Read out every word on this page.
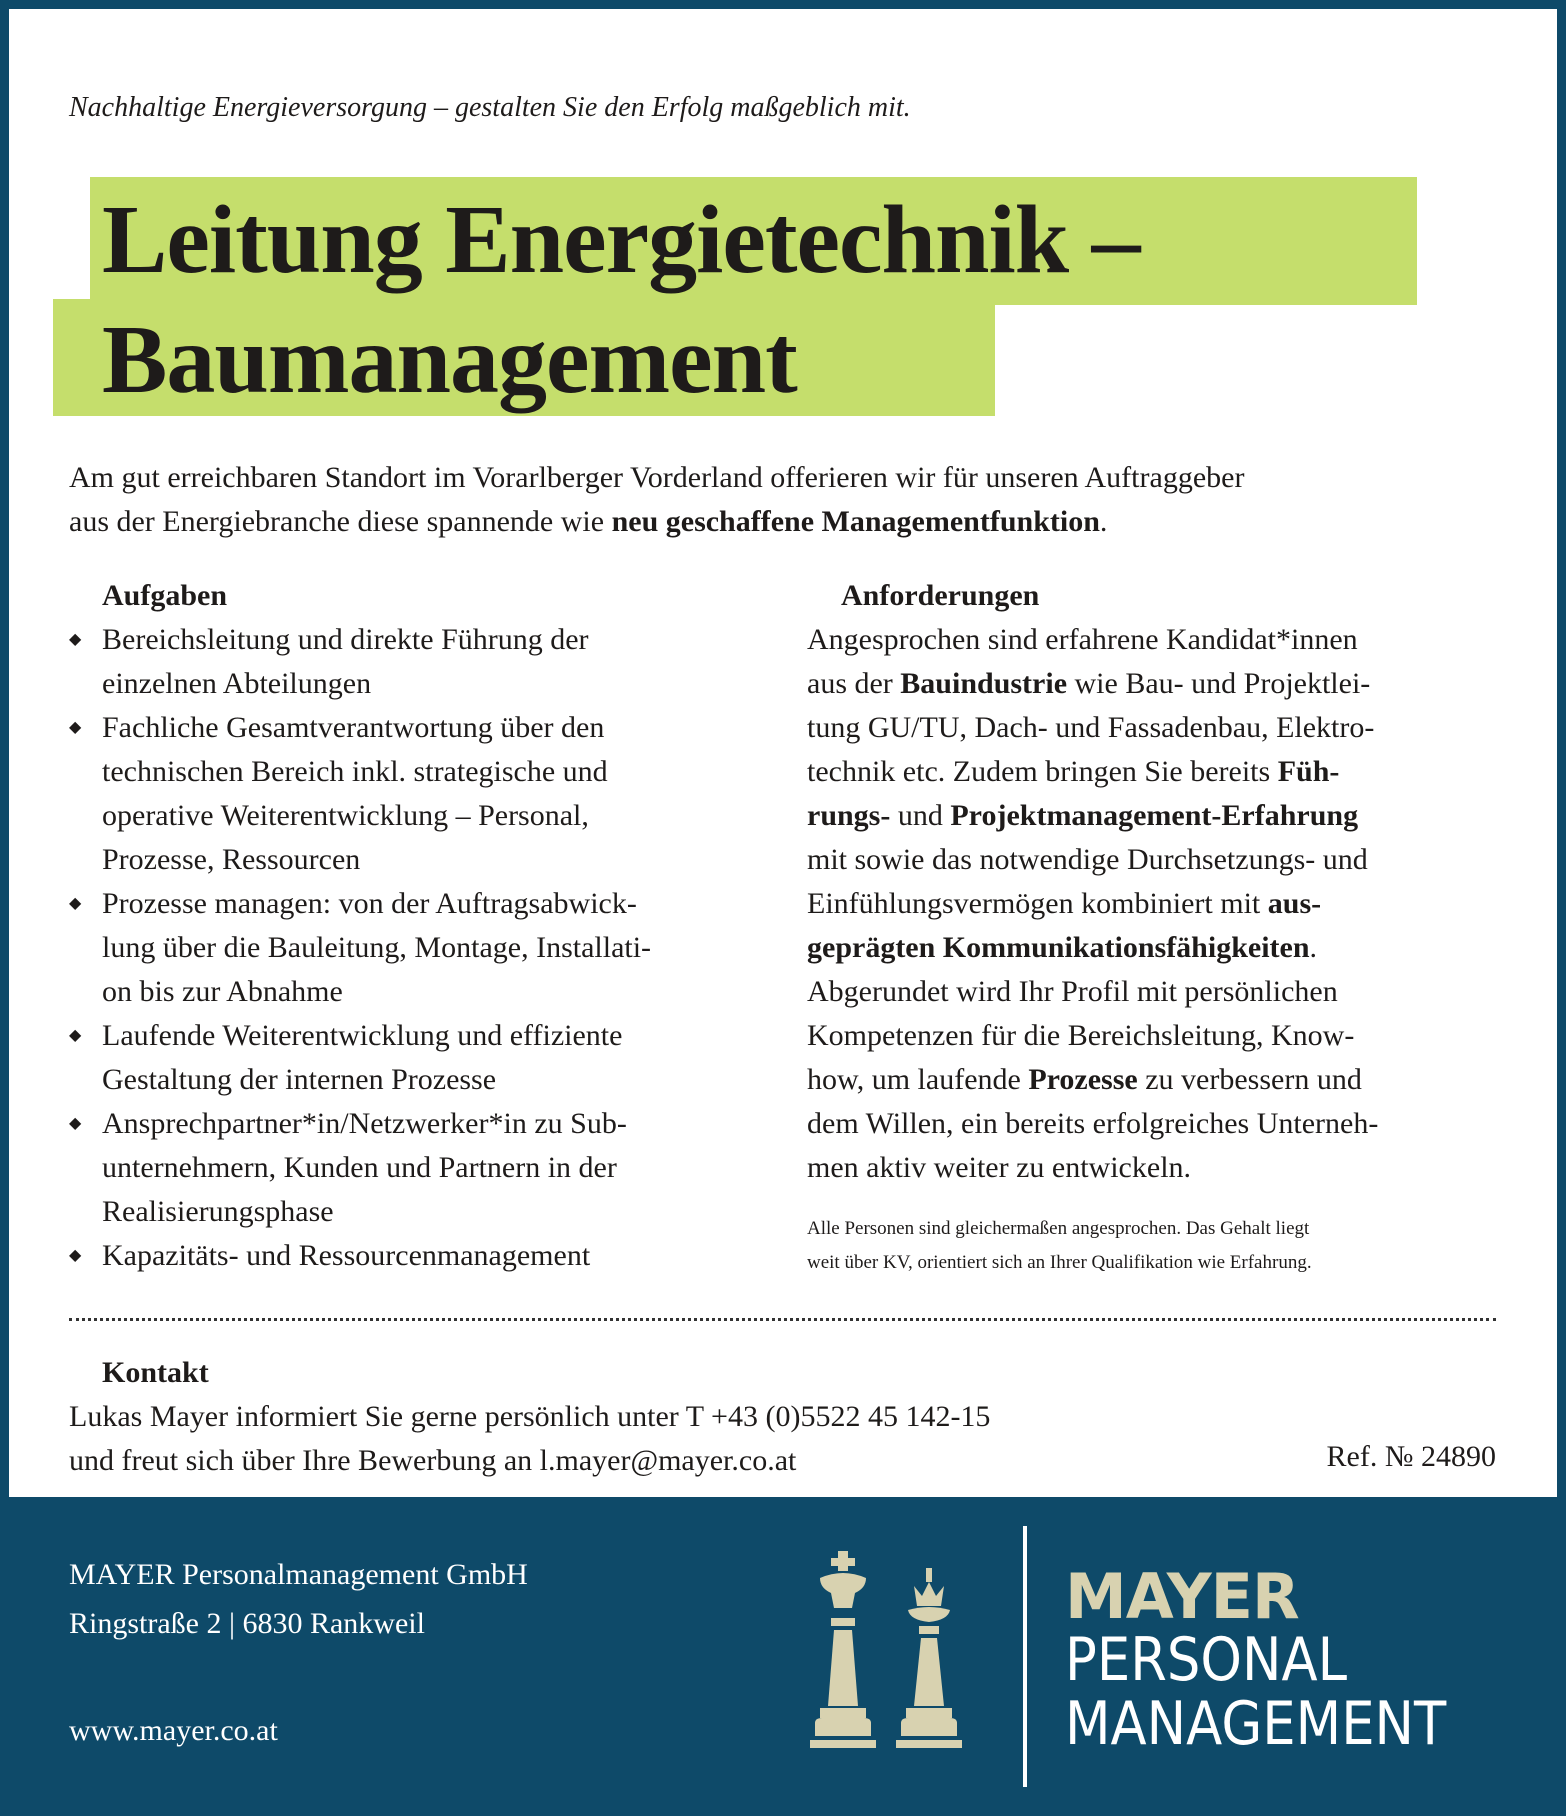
Nachhaltige Energieversorgung – gestalten Sie den Erfolg maßgeblich mit.
Leitung Energietechnik –
Baumanagement
Am gut erreichbaren Standort im Vorarlberger Vorderland offerieren wir für unseren Auftraggeber
aus der Energiebranche diese spannende wie neu geschaffene Managementfunktion.
Aufgaben
◆ Bereichsleitung und direkte Führung der
einzelnen Abteilungen
◆ Fachliche Gesamtverantwortung über den
technischen Bereich inkl. strategische und
operative Weiterentwicklung – Personal,
Prozesse, Ressourcen
◆ Prozesse managen: von der Auftragsabwick-
lung über die Bauleitung, Montage, Installati-
on bis zur Abnahme
◆ Laufende Weiterentwicklung und effiziente
Gestaltung der internen Prozesse
◆ Ansprechpartner*in/Netzwerker*in zu Sub-
unternehmern, Kunden und Partnern in der
Realisierungsphase
◆ Kapazitäts- und Ressourcenmanagement
Anforderungen
Angesprochen sind erfahrene Kandidat*innen
aus der Bauindustrie wie Bau- und Projektlei-
tung GU/TU, Dach- und Fassadenbau, Elektro-
technik etc. Zudem bringen Sie bereits Füh-
rungs- und Projektmanagement-Erfahrung
mit sowie das notwendige Durchsetzungs- und
Einfühlungsvermögen kombiniert mit aus-
geprägten Kommunikationsfähigkeiten.
Abgerundet wird Ihr Profil mit persönlichen
Kompetenzen für die Bereichsleitung, Know-
how, um laufende Prozesse zu verbessern und
dem Willen, ein bereits erfolgreiches Unterneh-
men aktiv weiter zu entwickeln.
Alle Personen sind gleichermaßen angesprochen. Das Gehalt liegt
weit über KV, orientiert sich an Ihrer Qualifikation wie Erfahrung.
Kontakt
Lukas Mayer informiert Sie gerne persönlich unter T +43 (0)5522 45 142-15
und freut sich über Ihre Bewerbung an l.mayer@mayer.co.at	Ref. № 24890
MAYER Personalmanagement GmbH
Ringstraße 2 | 6830 Rankweil
www.mayer.co.at
MAYER
PERSONAL
MANAGEMENT
